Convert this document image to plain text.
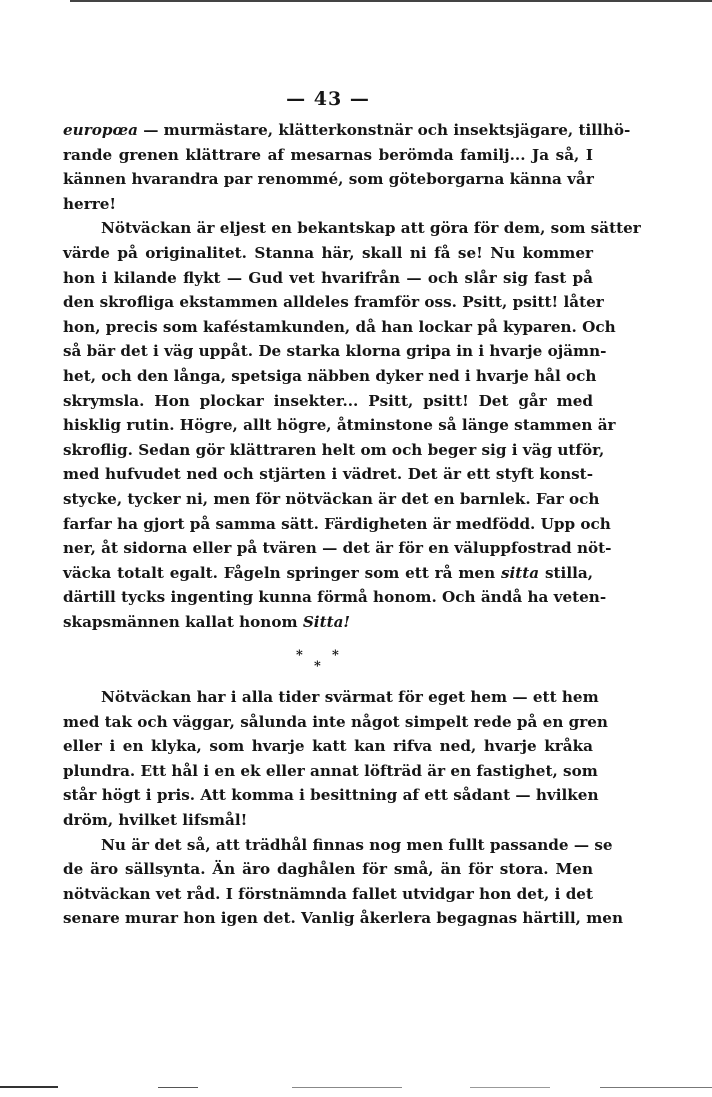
— 43 —
europœa — murmästare, klätterkonstnär och insektsjägare, tillhö-
rande grenen klättrare af mesarnas berömda familj... Ja så, I
kännen hvarandra par renommé, som göteborgarna känna vår
herre!
Nötväckan är eljest en bekantskap att göra för dem, som sätter
värde på originalitet. Stanna här, skall ni få se! Nu kommer
hon i kilande flykt — Gud vet hvarifrån — och slår sig fast på
den skrofliga ekstammen alldeles framför oss. Psitt, psitt! låter
hon, precis som kaféstamkunden, då han lockar på kyparen. Och
så bär det i väg uppåt. De starka klorna gripa in i hvarje ojämn-
het, och den långa, spetsiga näbben dyker ned i hvarje hål och
skrymsla. Hon plockar insekter... Psitt, psitt! Det går med
hisklig rutin. Högre, allt högre, åtminstone så länge stammen är
skroflig. Sedan gör klättraren helt om och beger sig i väg utför,
med hufvudet ned och stjärten i vädret. Det är ett styft konst-
stycke, tycker ni, men för nötväckan är det en barnlek. Far och
farfar ha gjort på samma sätt. Färdigheten är medfödd. Upp och
ner, åt sidorna eller på tvären — det är för en väluppfostrad nöt-
väcka totalt egalt. Fågeln springer som ett rå men sitta stilla,
därtill tycks ingenting kunna förmå honom. Och ändå ha veten-
skapsmännen kallat honom Sitta!
* *
*
Nötväckan har i alla tider svärmat för eget hem — ett hem
med tak och väggar, sålunda inte något simpelt rede på en gren
eller i en klyka, som hvarje katt kan rifva ned, hvarje kråka
plundra. Ett hål i en ek eller annat löfträd är en fastighet, som
står högt i pris. Att komma i besittning af ett sådant — hvilken
dröm, hvilket lifsmål!
Nu är det så, att trädhål finnas nog men fullt passande — se
de äro sällsynta. Än äro daghålen för små, än för stora. Men
nötväckan vet råd. I förstnämnda fallet utvidgar hon det, i det
senare murar hon igen det. Vanlig åkerlera begagnas härtill, men
